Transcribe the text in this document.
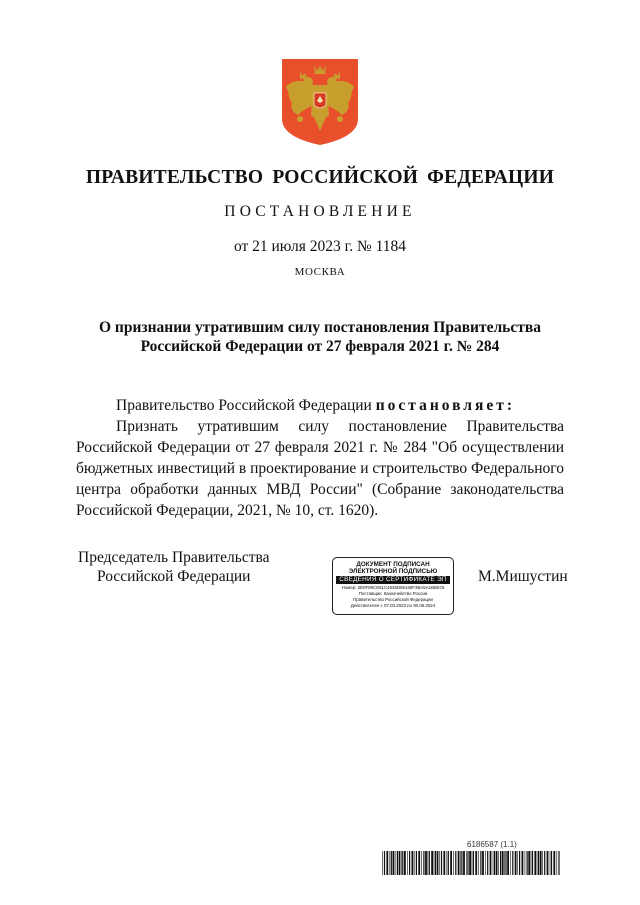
ПРАВИТЕЛЬСТВО РОССИЙСКОЙ ФЕДЕРАЦИИ
ПОСТАНОВЛЕНИЕ
от 21 июля 2023 г. № 1184
МОСКВА
О признании утратившим силу постановления Правительства
Российской Федерации от 27 февраля 2021 г. № 284

Правительство Российской Федерации постановляет:

Признать утратившим силу постановление Правительства Российской Федерации от 27 февраля 2021 г. № 284 "Об осуществлении бюджетных инвестиций в проектирование и строительство Федерального центра обработки данных МВД России" (Собрание законодательства Российской Федерации, 2021, № 10, ст. 1620).

Председатель Правительства
Российской Федерации
ДОКУМЕНТ ПОДПИСАН
ЭЛЕКТРОННОЙ ПОДПИСЬЮ
СВЕДЕНИЯ О СЕРТИФИКАТЕ ЭП
Номер: 2E0F99CE51C4645D86169F3BA5A1BB676
Поставщик: Казначейство России
Правительство Российской Федерации
Действителен с 07.03.2023 по 30.05.2024
М.Мишустин
6186587 (1.1)
